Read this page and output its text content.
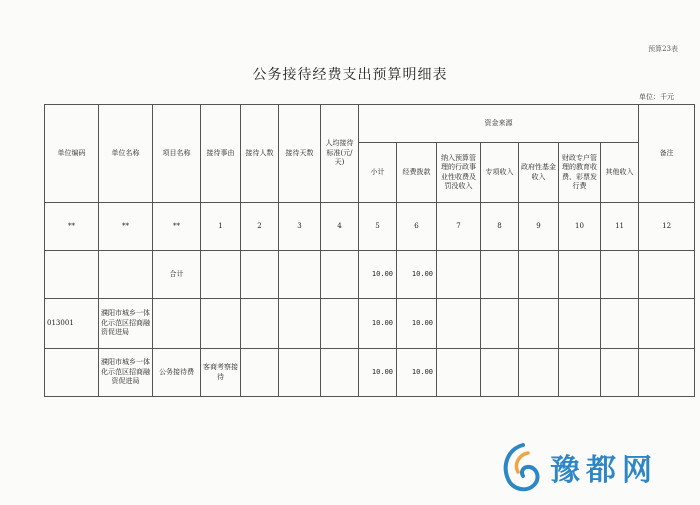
预算23表
公务接待经费支出预算明细表
单位：千元
单位编码	单位名称	项目名称	接待事由	接待人数	接待天数	人均接待标准(元/天)	资金来源							备注
							小计	经费拨款	纳入预算管理的行政事业性收费及罚没收入	专项收入	政府性基金收入	财政专户管理的教育收费、彩票发行费	其他收入	
**	**	**	1	2	3	4	5	6	7	8	9	10	11	12
		合计					10.00	10.00						
013001	濮阳市城乡一体化示范区招商融资促进局						10.00	10.00						
	濮阳市城乡一体化示范区招商融资促进局	公务接待费	客商考察接待				10.00	10.00						
豫都网
